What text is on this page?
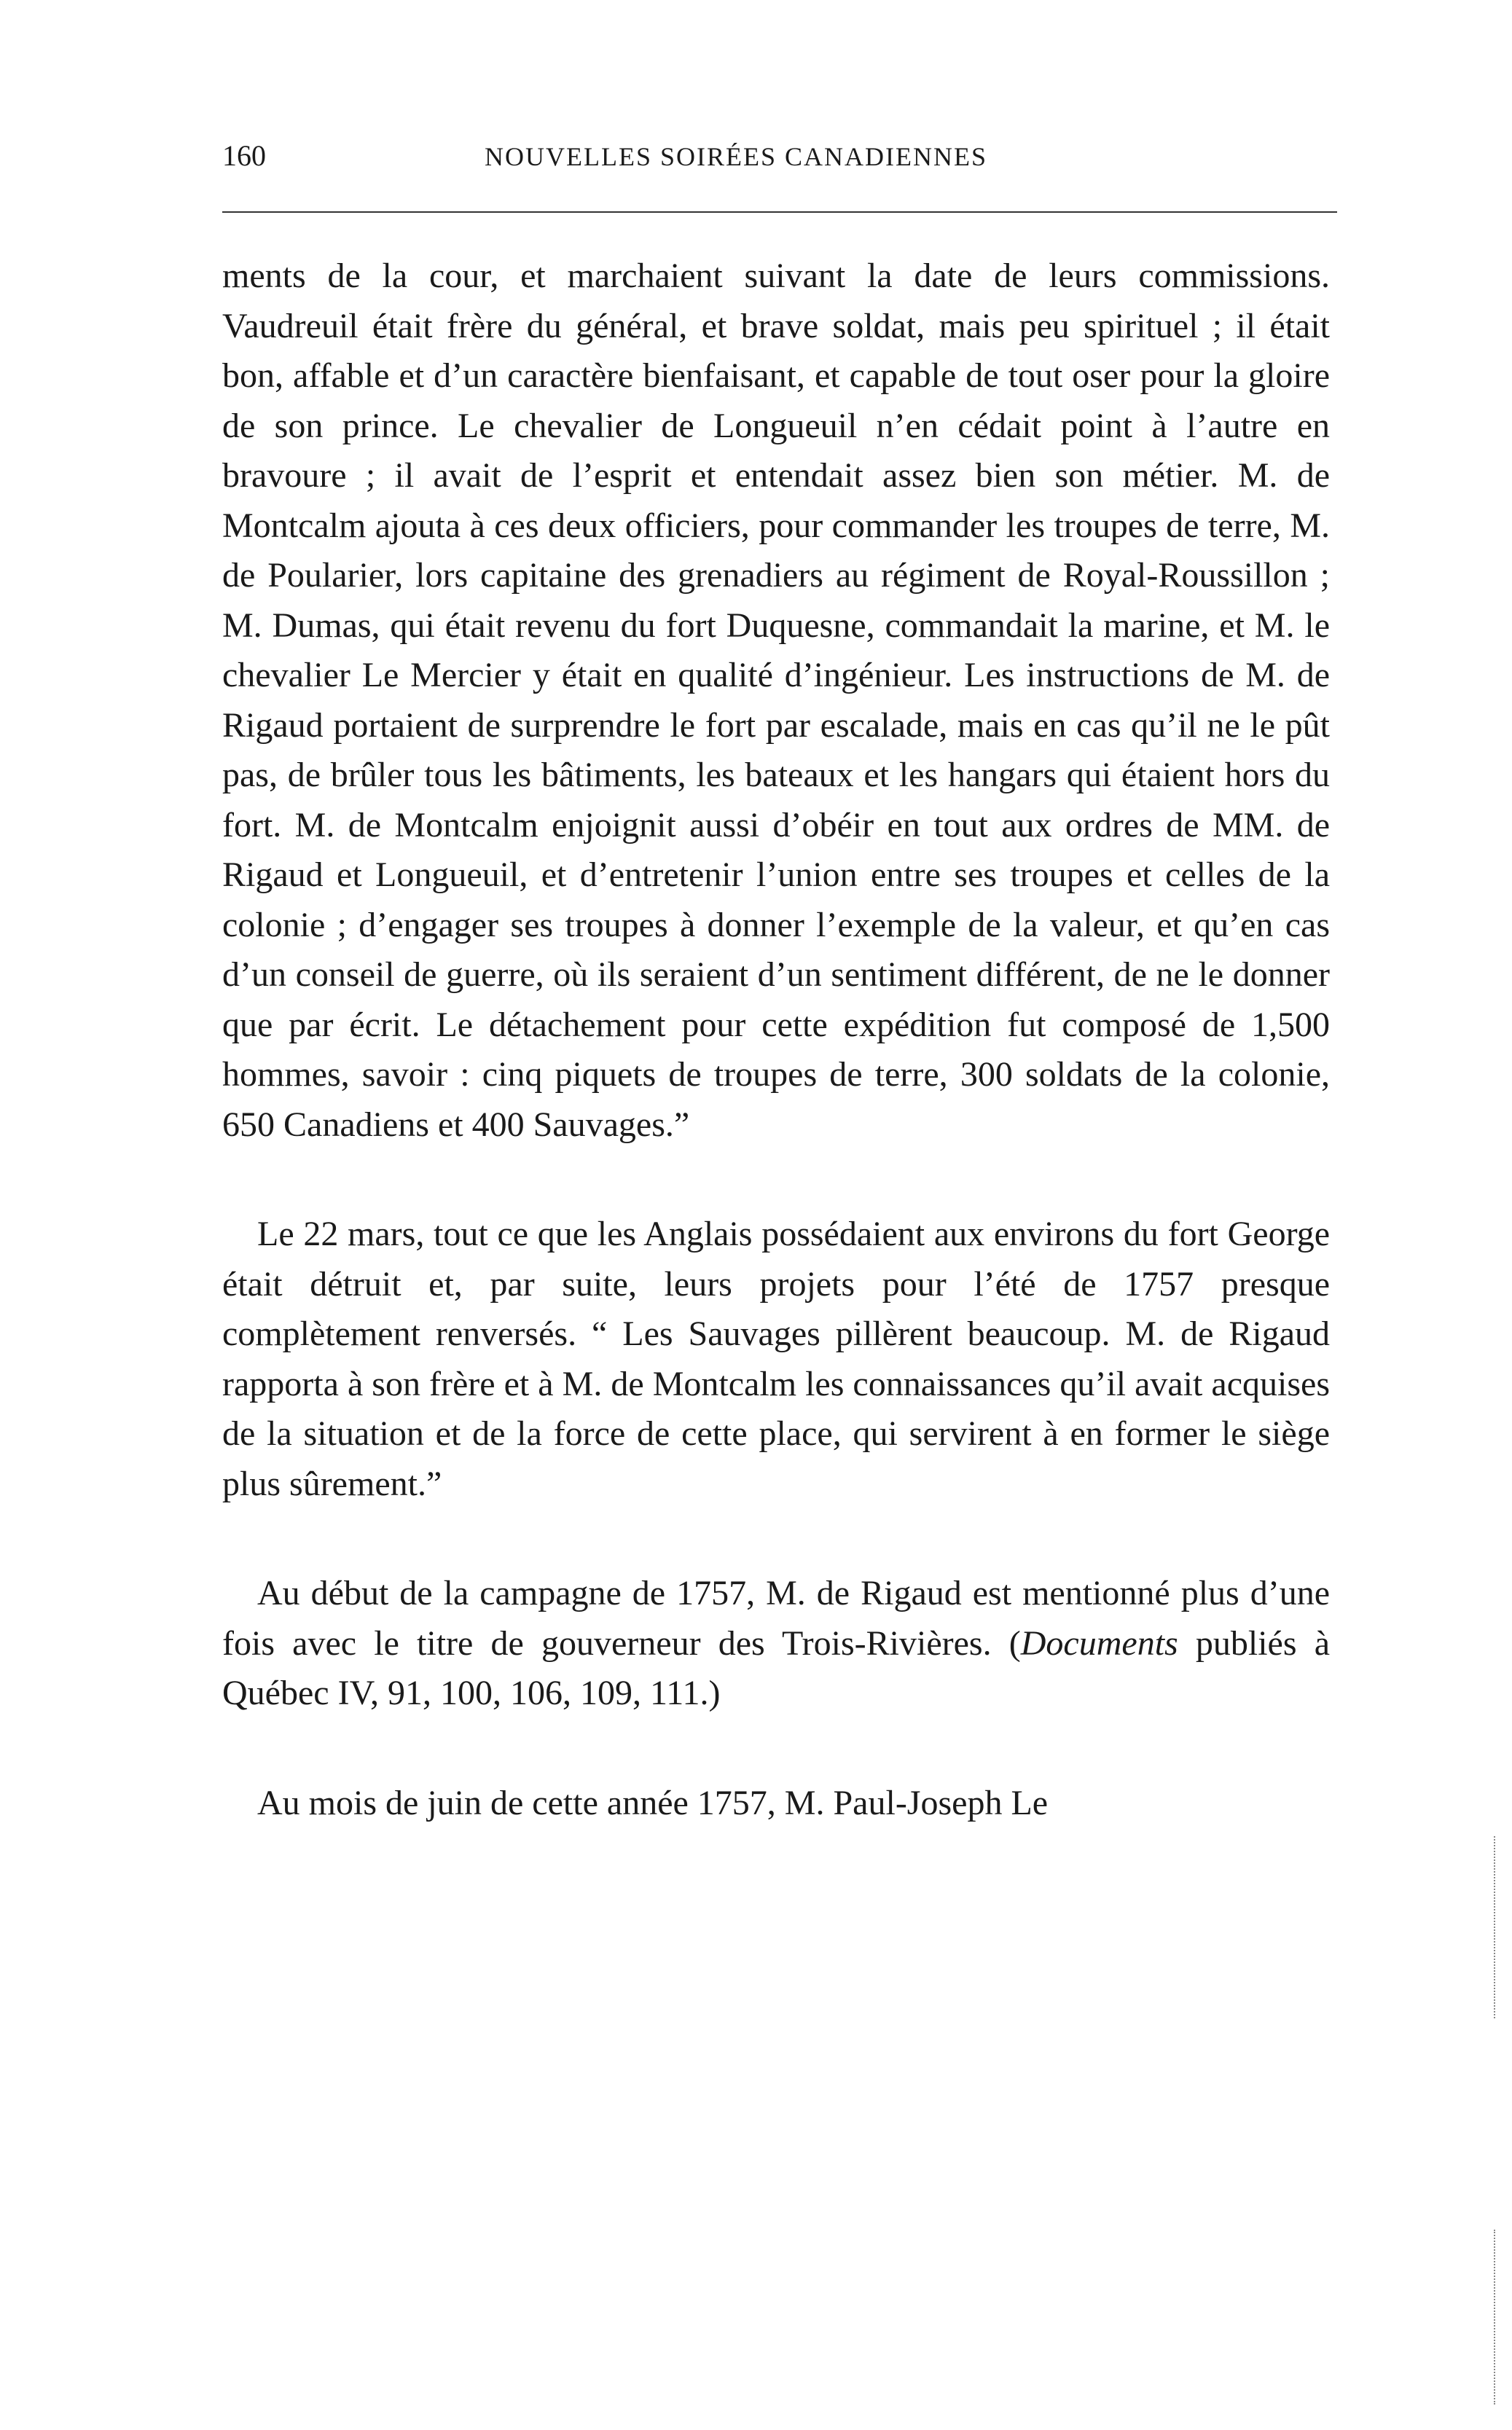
160	NOUVELLES SOIRÉES CANADIENNES

ments de la cour, et marchaient suivant la date de leurs commissions. Vaudreuil était frère du général, et brave soldat, mais peu spirituel ; il était bon, affable et d’un caractère bienfaisant, et capable de tout oser pour la gloire de son prince. Le chevalier de Longueuil n’en cédait point à l’autre en bravoure ; il avait de l’esprit et entendait assez bien son métier. M. de Montcalm ajouta à ces deux officiers, pour commander les troupes de terre, M. de Poularier, lors capitaine des grenadiers au régiment de Royal-Roussillon ; M. Dumas, qui était revenu du fort Duquesne, commandait la marine, et M. le chevalier Le Mercier y était en qualité d’ingénieur. Les instructions de M. de Rigaud portaient de surprendre le fort par escalade, mais en cas qu’il ne le pût pas, de brûler tous les bâtiments, les bateaux et les hangars qui étaient hors du fort. M. de Montcalm enjoignit aussi d’obéir en tout aux ordres de MM. de Rigaud et Longueuil, et d’entretenir l’union entre ses troupes et celles de la colonie ; d’engager ses troupes à donner l’exemple de la valeur, et qu’en cas d’un conseil de guerre, où ils seraient d’un sentiment différent, de ne le donner que par écrit. Le détachement pour cette expédition fut composé de 1,500 hommes, savoir : cinq piquets de troupes de terre, 300 soldats de la colonie, 650 Canadiens et 400 Sauvages.”

Le 22 mars, tout ce que les Anglais possédaient aux environs du fort George était détruit et, par suite, leurs projets pour l’été de 1757 presque complètement renversés. “ Les Sauvages pillèrent beaucoup. M. de Rigaud rapporta à son frère et à M. de Montcalm les connaissances qu’il avait acquises de la situation et de la force de cette place, qui servirent à en former le siège plus sûrement.”

Au début de la campagne de 1757, M. de Rigaud est mentionné plus d’une fois avec le titre de gouverneur des Trois-Rivières. (Documents publiés à Québec IV, 91, 100, 106, 109, 111.)

Au mois de juin de cette année 1757, M. Paul-Joseph Le
